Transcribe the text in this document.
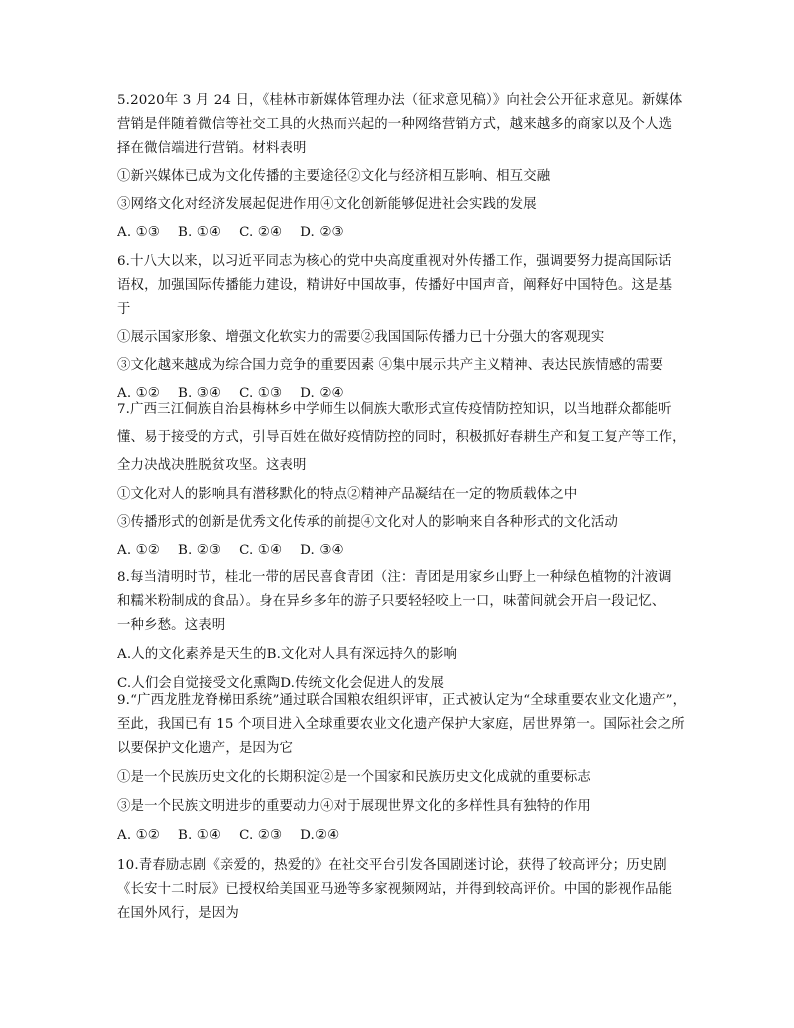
5.2020年 3 月 24 日，《桂林市新媒体管理办法（征求意见稿）》向社会公开征求意见。新媒体
营销是伴随着微信等社交工具的火热而兴起的一种网络营销方式，越来越多的商家以及个人选
择在微信端进行营销。材料表明
①新兴媒体已成为文化传播的主要途径②文化与经济相互影响、相互交融
③网络文化对经济发展起促进作用④文化创新能够促进社会实践的发展
A. ①③ B. ①④ C. ②④ D. ②③
6.十八大以来，以习近平同志为核心的党中央高度重视对外传播工作，强调要努力提高国际话
语权，加强国际传播能力建设，精讲好中国故事，传播好中国声音，阐释好中国特色。这是基
于
①展示国家形象、增强文化软实力的需要②我国国际传播力已十分强大的客观现实
③文化越来越成为综合国力竞争的重要因素 ④集中展示共产主义精神、表达民族情感的需要
A. ①② B. ③④ C. ①③ D. ②④
7.广西三江侗族自治县梅林乡中学师生以侗族大歌形式宣传疫情防控知识，以当地群众都能听
懂、易于接受的方式，引导百姓在做好疫情防控的同时，积极抓好春耕生产和复工复产等工作，
全力决战决胜脱贫攻坚。这表明
①文化对人的影响具有潜移默化的特点②精神产品凝结在一定的物质载体之中
③传播形式的创新是优秀文化传承的前提④文化对人的影响来自各种形式的文化活动
A. ①② B. ②③ C. ①④ D. ③④
8.每当清明时节，桂北一带的居民喜食青团（注：青团是用家乡山野上一种绿色植物的汁液调
和糯米粉制成的食品）。身在异乡多年的游子只要轻轻咬上一口，味蕾间就会开启一段记忆、
一种乡愁。这表明
A.人的文化素养是天生的B.文化对人具有深远持久的影响
C.人们会自觉接受文化熏陶D.传统文化会促进人的发展
9.“广西龙胜龙脊梯田系统”通过联合国粮农组织评审，正式被认定为“全球重要农业文化遗产”，
至此，我国已有 15 个项目进入全球重要农业文化遗产保护大家庭，居世界第一。国际社会之所
以要保护文化遗产，是因为它
①是一个民族历史文化的长期积淀②是一个国家和民族历史文化成就的重要标志
③是一个民族文明进步的重要动力④对于展现世界文化的多样性具有独特的作用
A. ①② B. ①④ C. ②③ D.②④
10.青春励志剧《亲爱的，热爱的》在社交平台引发各国剧迷讨论，获得了较高评分；历史剧
《长安十二时辰》已授权给美国亚马逊等多家视频网站，并得到较高评价。中国的影视作品能
在国外风行，是因为
